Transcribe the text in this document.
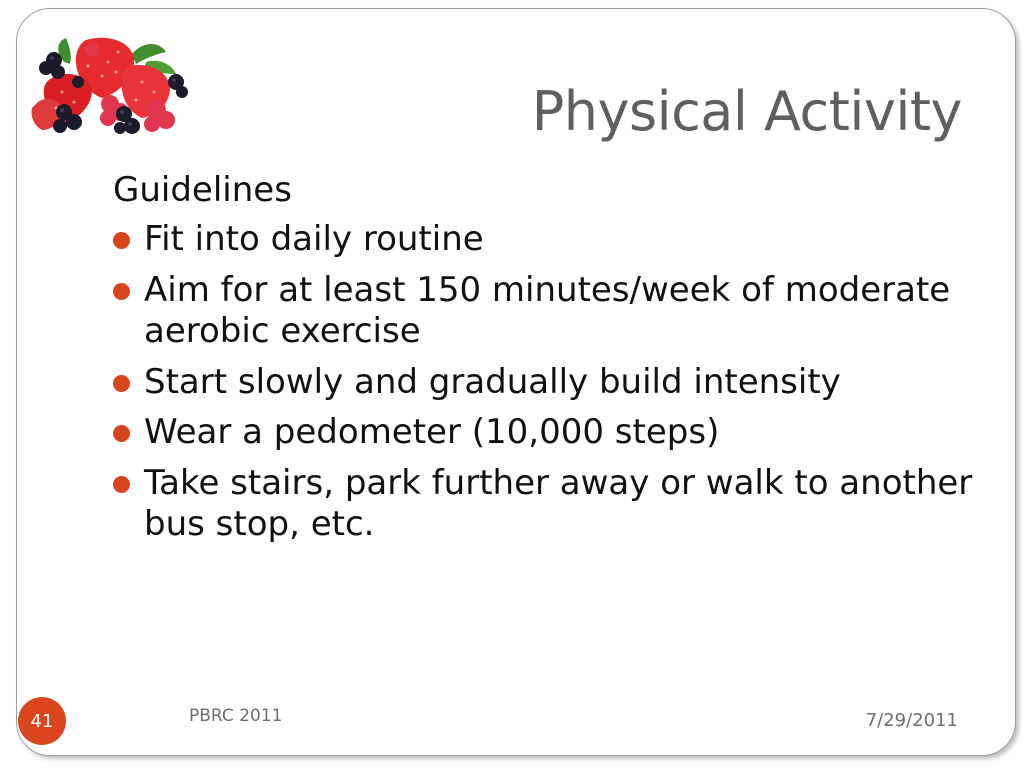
Physical Activity
Guidelines
Fit into daily routine
Aim for at least 150 minutes/week of moderate aerobic exercise
Start slowly and gradually build intensity
Wear a pedometer (10,000 steps)
Take stairs, park further away or walk to another bus stop, etc.
41	PBRC 2011	7/29/2011
